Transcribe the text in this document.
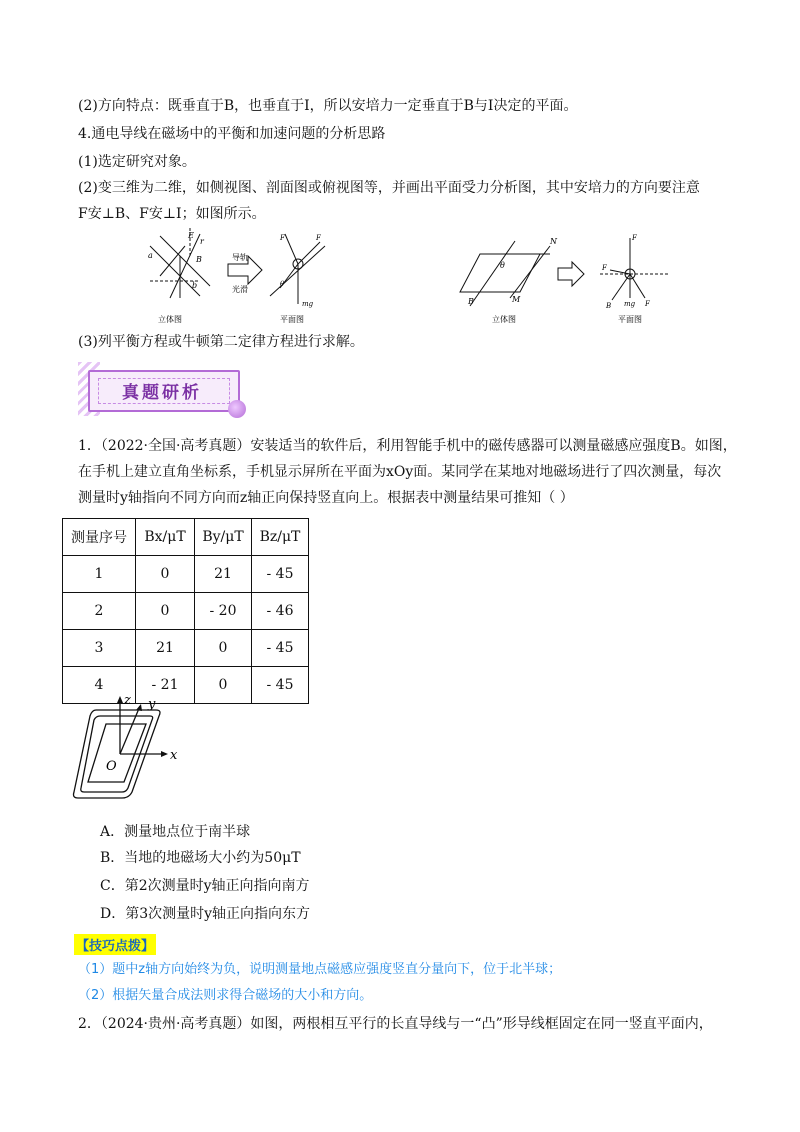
(2)方向特点：既垂直于B，也垂直于I，所以安培力一定垂直于B与I决定的平面。
4.通电导线在磁场中的平衡和加速问题的分析思路
(1)选定研究对象。
(2)变三维为二维，如侧视图、剖面图或俯视图等，并画出平面受力分析图，其中安培力的方向要注意
F安⊥B、F安⊥I；如图所示。
a
E
B
r
b
立体图
导轨
光滑
F	F
mg
θ
平面图
N
θ
B	M
立体图
F
F
B	F
mg
平面图
(3)列平衡方程或牛顿第二定律方程进行求解。
真题研析
1．（2022·全国·高考真题）安装适当的软件后，利用智能手机中的磁传感器可以测量磁感应强度B。如图，
在手机上建立直角坐标系，手机显示屏所在平面为xOy面。某同学在某地对地磁场进行了四次测量，每次
测量时y轴指向不同方向而z轴正向保持竖直向上。根据表中测量结果可推知（ ）
测量序号	Bx/μT	By/μT	Bz/μT
1	0	21	- 45
2	0	- 20	- 46
3	21	0	- 45
4	- 21	0	- 45
z y
x
O
A．测量地点位于南半球
B．当地的地磁场大小约为50μT
C．第2次测量时y轴正向指向南方
D．第3次测量时y轴正向指向东方
【技巧点拨】
（1）题中z轴方向始终为负，说明测量地点磁感应强度竖直分量向下，位于北半球；
（2）根据矢量合成法则求得合磁场的大小和方向。
2．（2024·贵州·高考真题）如图，两根相互平行的长直导线与一“凸”形导线框固定在同一竖直平面内，
